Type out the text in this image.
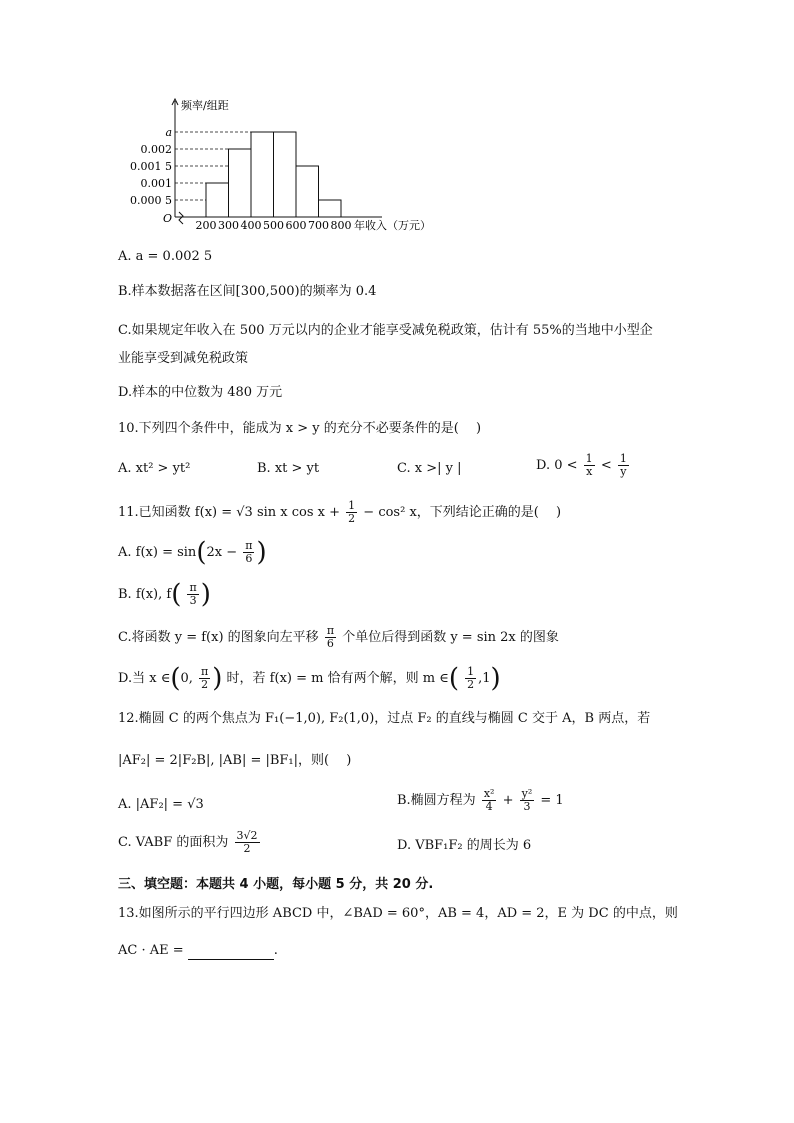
频率/组距
年收入（万元）
O
a
0.002
0.001 5
0.001
0.000 5
200 300 400 500 600 700 800
A. a = 0.002 5
B.样本数据落在区间[300,500)的频率为 0.4
C.如果规定年收入在 500 万元以内的企业才能享受减免税政策，估计有 55%的当地中小型企
业能享受到减免税政策
D.样本的中位数为 480 万元
10.下列四个条件中，能成为 x > y 的充分不必要条件的是(　 )
A. xt² > yt²	B. xt > yt	C. x >| y |	D. $0 < \frac{1}{x} < \frac{1}{y}$
11.已知函数 f(x) = √3 sin x $\cos x + \frac{1}{2} - \cos^2$ x，下列结论正确的是(　 )
A. $f(x) = \sin(2x - \frac{\pi}{6}$ )
B. f(x), $f( \frac{\pi}{3}$ )
C.将函数 y = f(x) 的图象向左平移 $\frac{\pi}{6}$ 个单位后得到函数 y = sin 2x 的图象
D.当 x ∈(0, $\frac{\pi}{2}$ ) 时，若 f(x) = m 恰有两个解，则 m ∈( $\frac{1}{2} ,1$)
12.椭圆 C 的两个焦点为 F₁(−1,0), F₂(1,0)，过点 F₂ 的直线与椭圆 C 交于 A，B 两点，若
|AF₂| = 2|F₂B|, |AB| = |BF₁|，则(　 )
A. |AF₂| = √3	B.椭圆方程为 $\frac{\text{x²}}{4} + \frac{\text{y²}}{3} = 1$
C. VABF 的面积为 $\frac{3√2}{2}$	D. VBF₁F₂ 的周长为 6
三、填空题：本题共 4 小题，每小题 5 分，共 20 分.
13.如图所示的平行四边形 ABCD 中，∠BAD = 60°，AB = 4，AD = 2，E 为 DC 的中点，则
AC · AE =	.
